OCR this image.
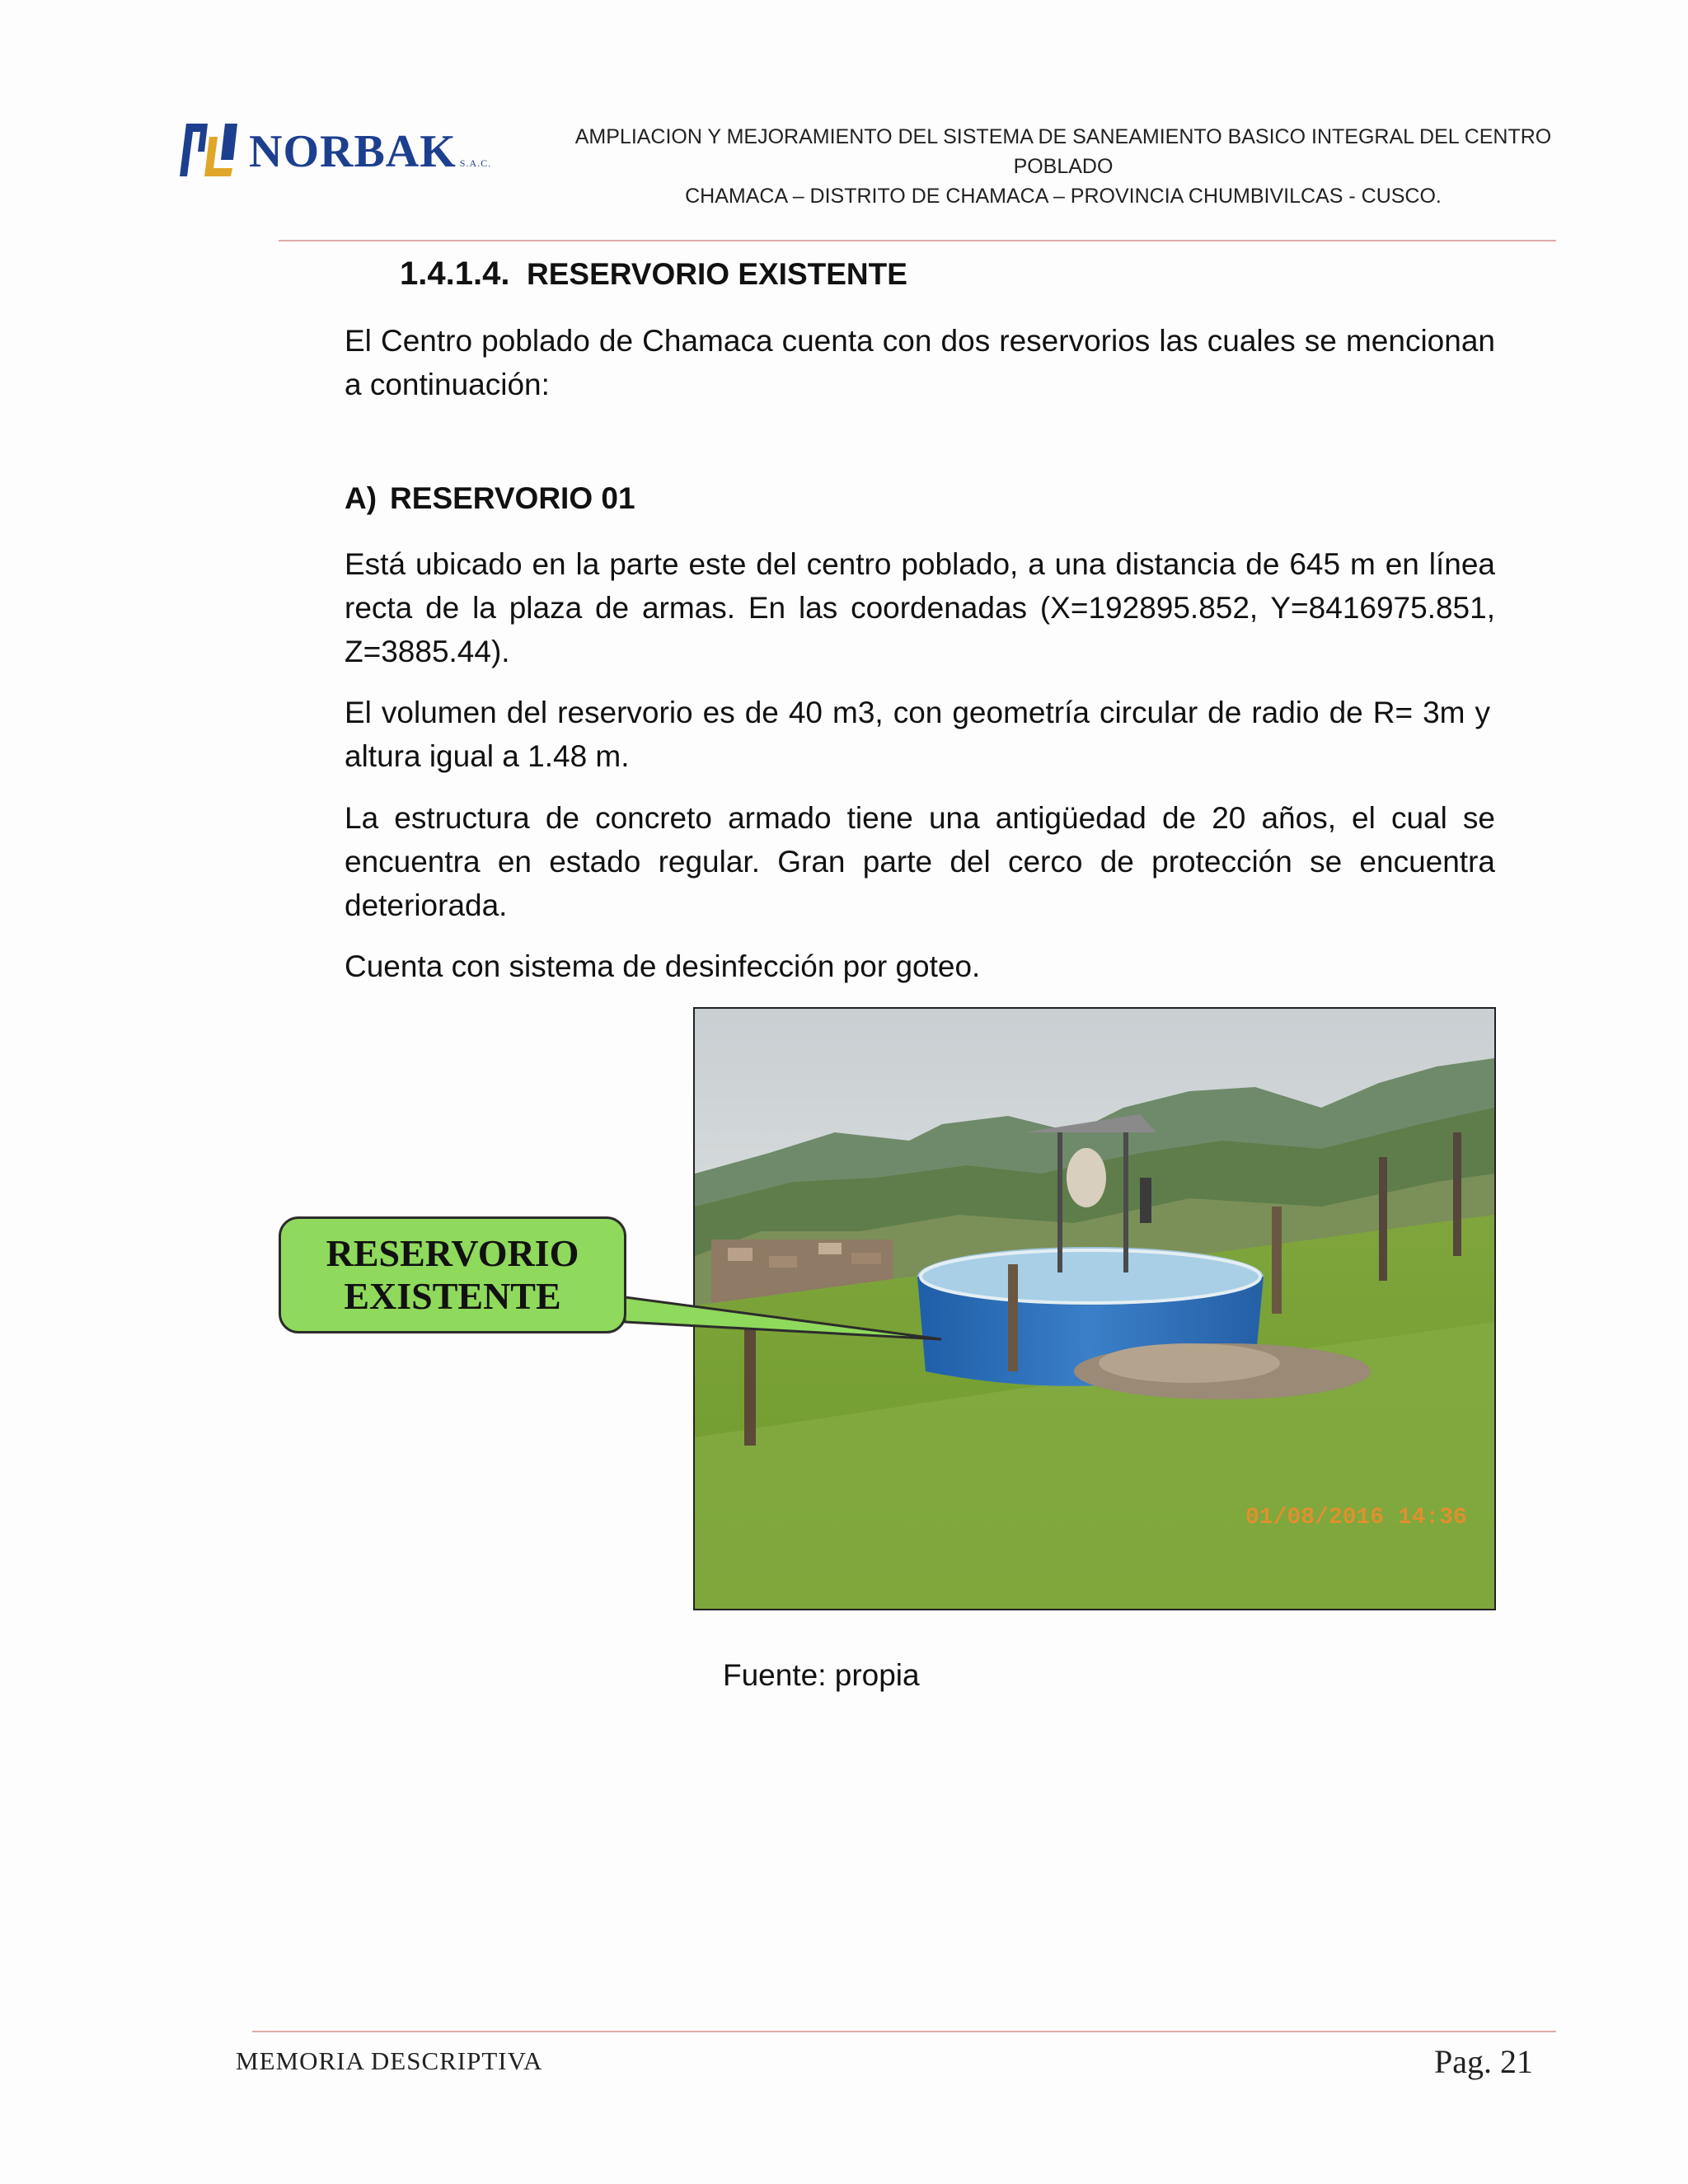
NORBAK S.A.C.
AMPLIACION Y MEJORAMIENTO DEL SISTEMA DE SANEAMIENTO BASICO INTEGRAL DEL CENTRO POBLADO
CHAMACA – DISTRITO DE CHAMACA – PROVINCIA CHUMBIVILCAS - CUSCO.
1.4.1.4. RESERVORIO EXISTENTE

El Centro poblado de Chamaca cuenta con dos reservorios las cuales se mencionan a continuación:

A) RESERVORIO 01

Está ubicado en la parte este del centro poblado, a una distancia de 645 m en línea recta de la plaza de armas. En las coordenadas (X=192895.852, Y=8416975.851, Z=3885.44).

El volumen del reservorio es de 40 m3, con geometría circular de radio de R= 3m y altura igual a 1.48 m.

La estructura de concreto armado tiene una antigüedad de 20 años, el cual se encuentra en estado regular. Gran parte del cerco de protección se encuentra deteriorada.

Cuenta con sistema de desinfección por goteo.

01/08/2016 14:36
RESERVORIO
EXISTENTE
Fuente: propia
MEMORIA DESCRIPTIVA	Pag. 21
